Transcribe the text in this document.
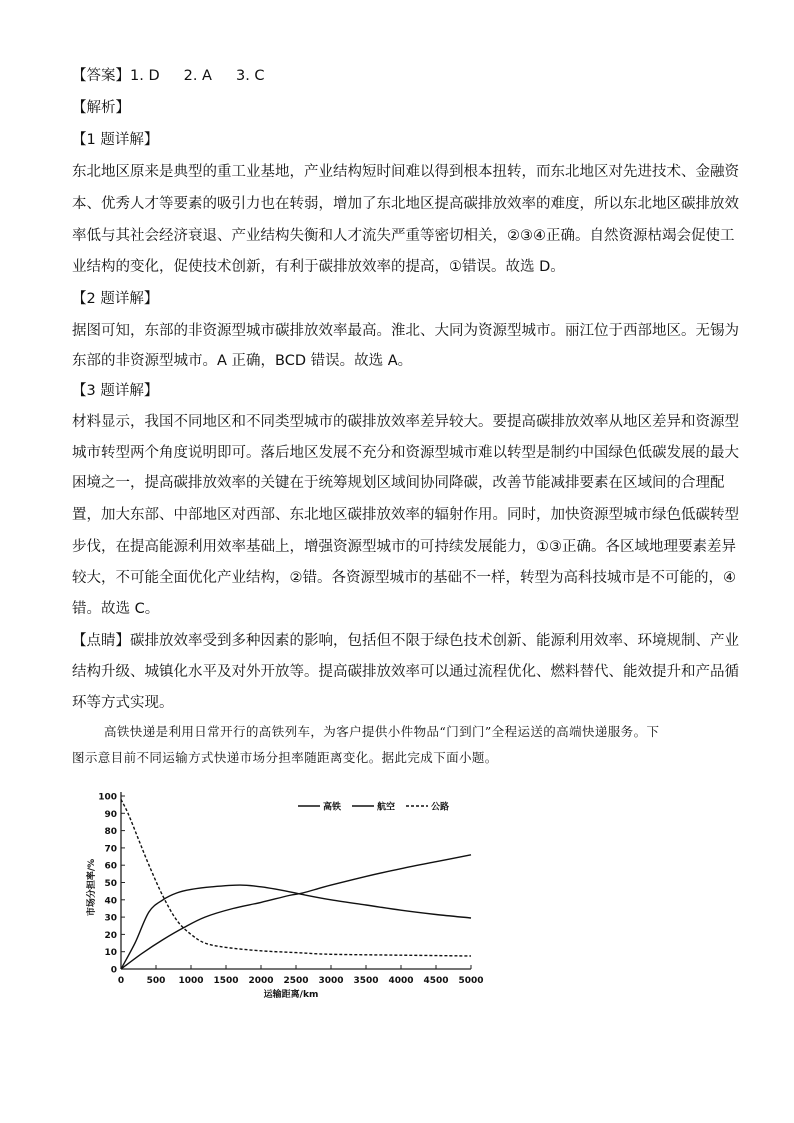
【答案】1. D 2. A 3. C
【解析】
【1 题详解】
东北地区原来是典型的重工业基地，产业结构短时间难以得到根本扭转，而东北地区对先进技术、金融资
本、优秀人才等要素的吸引力也在转弱，增加了东北地区提高碳排放效率的难度，所以东北地区碳排放效
率低与其社会经济衰退、产业结构失衡和人才流失严重等密切相关，②③④正确。自然资源枯竭会促使工
业结构的变化，促使技术创新，有利于碳排放效率的提高，①错误。故选 D。
【2 题详解】
据图可知，东部的非资源型城市碳排放效率最高。淮北、大同为资源型城市。丽江位于西部地区。无锡为
东部的非资源型城市。A 正确，BCD 错误。故选 A。
【3 题详解】
材料显示，我国不同地区和不同类型城市的碳排放效率差异较大。要提高碳排放效率从地区差异和资源型
城市转型两个角度说明即可。落后地区发展不充分和资源型城市难以转型是制约中国绿色低碳发展的最大
困境之一，提高碳排放效率的关键在于统筹规划区域间协同降碳，改善节能减排要素在区域间的合理配
置，加大东部、中部地区对西部、东北地区碳排放效率的辐射作用。同时，加快资源型城市绿色低碳转型
步伐，在提高能源利用效率基础上，增强资源型城市的可持续发展能力，①③正确。各区域地理要素差异
较大，不可能全面优化产业结构，②错。各资源型城市的基础不一样，转型为高科技城市是不可能的，④
错。故选 C。
【点睛】碳排放效率受到多种因素的影响，包括但不限于绿色技术创新、能源利用效率、环境规制、产业
结构升级、城镇化水平及对外开放等。提高碳排放效率可以通过流程优化、燃料替代、能效提升和产品循
环等方式实现。
高铁快递是利用日常开行的高铁列车，为客户提供小件物品“门到门”全程运送的高端快递服务。下
图示意目前不同运输方式快递市场分担率随距离变化。据此完成下面小题。
0
10
20
30
40
50
60
70
80
90
100
0 500 1000 1500 2000 2500 3000 3500 4000 4500 5000
高铁	航空	公路
运输距离/km
市场分担率/%
